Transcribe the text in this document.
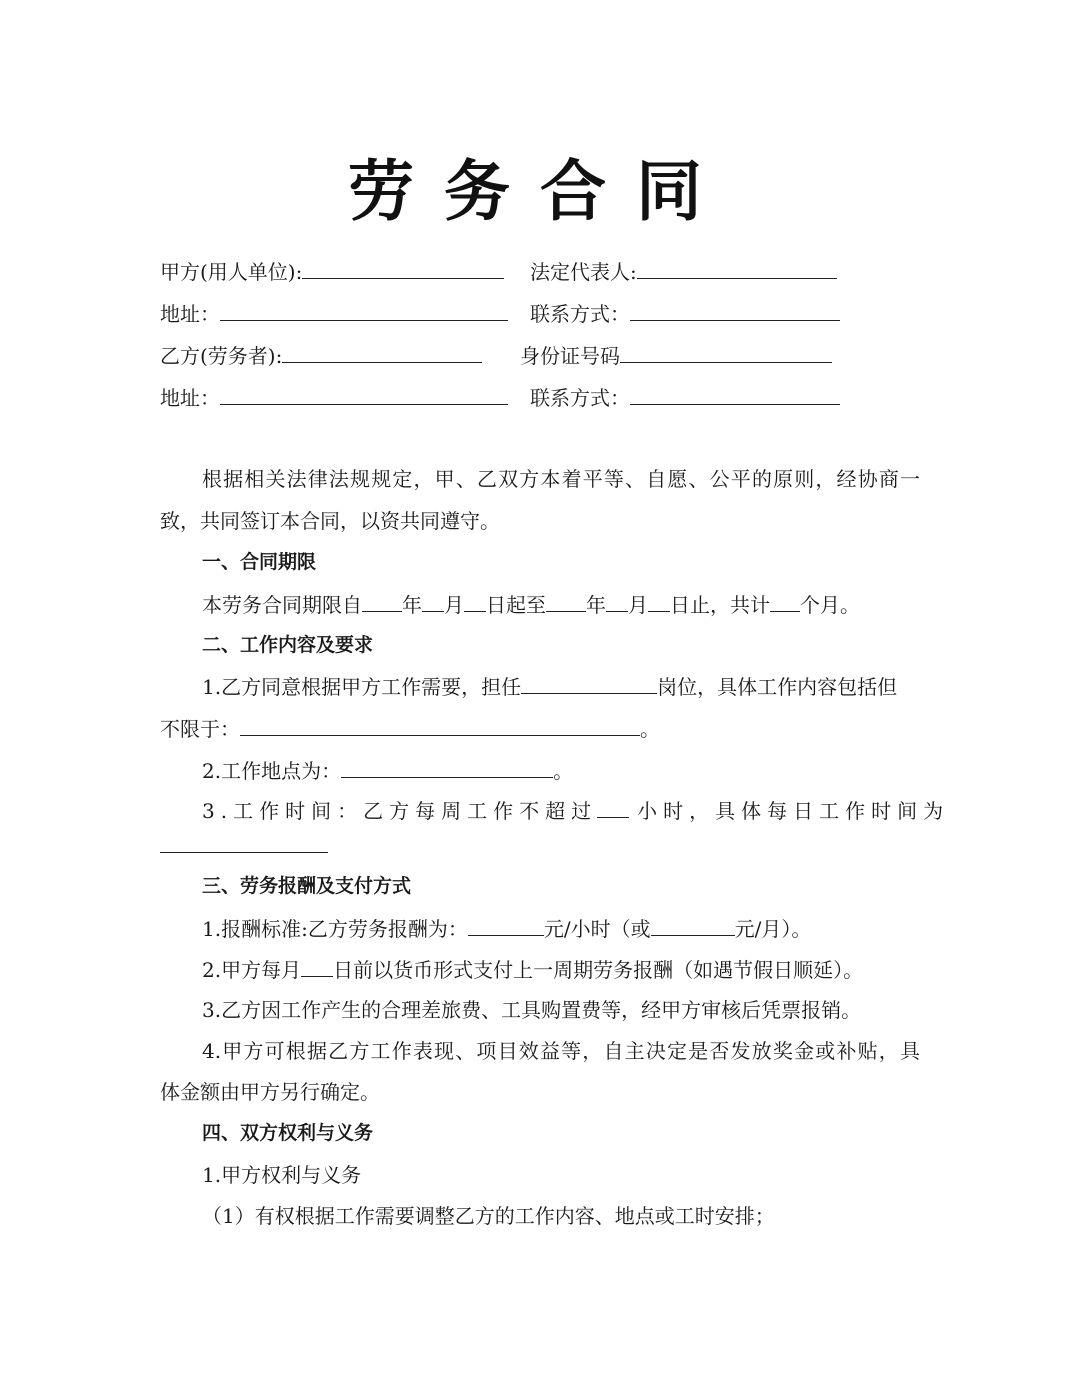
劳务合同
甲方(用人单位):	法定代表人:
地址：	联系方式：
乙方(劳务者):	身份证号码
地址：	联系方式：
根据相关法律法规规定，甲、乙双方本着平等、自愿、公平的原则，经协商一
致，共同签订本合同，以资共同遵守。
一、合同期限
本劳务合同期限自 年 月 日起至 年 月 日止，共计 个月。
二、工作内容及要求
1.乙方同意根据甲方工作需要，担任	岗位，具体工作内容包括但
不限于：	。
2.工作地点为：	。
3.工作时间：乙方每周工作不超过 小时，具体每日工作时间为
三、劳务报酬及支付方式
1.报酬标准:乙方劳务报酬为：	元/小时（或	元/月）。
2.甲方每月 日前以货币形式支付上一周期劳务报酬（如遇节假日顺延）。
3.乙方因工作产生的合理差旅费、工具购置费等，经甲方审核后凭票报销。
4.甲方可根据乙方工作表现、项目效益等，自主决定是否发放奖金或补贴，具
体金额由甲方另行确定。
四、双方权利与义务
1.甲方权利与义务
（1）有权根据工作需要调整乙方的工作内容、地点或工时安排；
